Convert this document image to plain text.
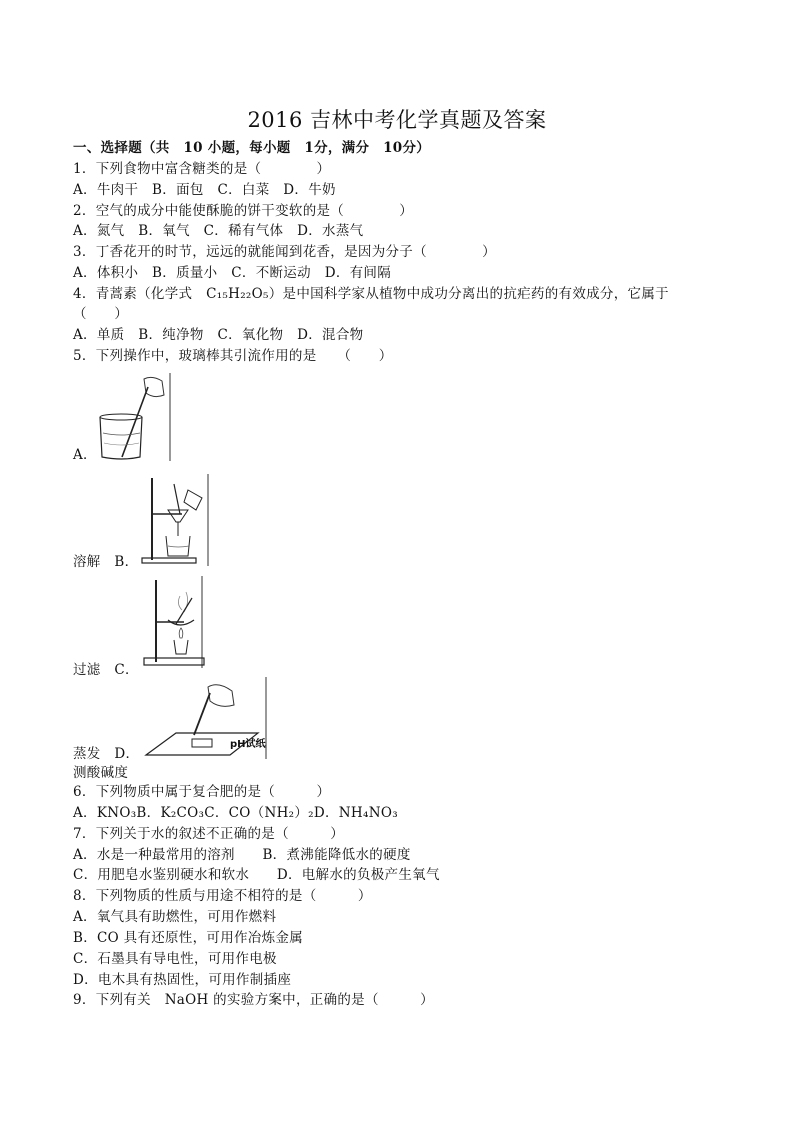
2016 吉林中考化学真题及答案
一、选择题（共　10 小题，每小题　1分，满分　10分）
1．下列食物中富含糖类的是（　　　　）
A．牛肉干　B．面包　C．白菜　D．牛奶
2．空气的成分中能使酥脆的饼干变软的是（　　　　）
A．氮气　B．氧气　C．稀有气体　D．水蒸气
3．丁香花开的时节，远远的就能闻到花香，是因为分子（　　　　）
A．体积小　B．质量小　C．不断运动　D．有间隔
4．青蒿素（化学式　C₁₅H₂₂O₅）是中国科学家从植物中成功分离出的抗疟药的有效成分，它属于
（　　）
A．单质　B．纯净物　C．氧化物　D．混合物
5．下列操作中，玻璃棒其引流作用的是　　（　　）
A．
溶解　B．
过滤　C．
pH试纸
蒸发　D．
测酸碱度
6．下列物质中属于复合肥的是（　　　）
A．KNO₃B．K₂CO₃C．CO（NH₂）₂D．NH₄NO₃
7．下列关于水的叙述不正确的是（　　　）
A．水是一种最常用的溶剂　　B．煮沸能降低水的硬度
C．用肥皂水鉴别硬水和软水　　D．电解水的负极产生氧气
8．下列物质的性质与用途不相符的是（　　　）
A．氧气具有助燃性，可用作燃料
B．CO 具有还原性，可用作冶炼金属
C．石墨具有导电性，可用作电极
D．电木具有热固性，可用作制插座
9．下列有关　NaOH 的实验方案中，正确的是（　　　）
